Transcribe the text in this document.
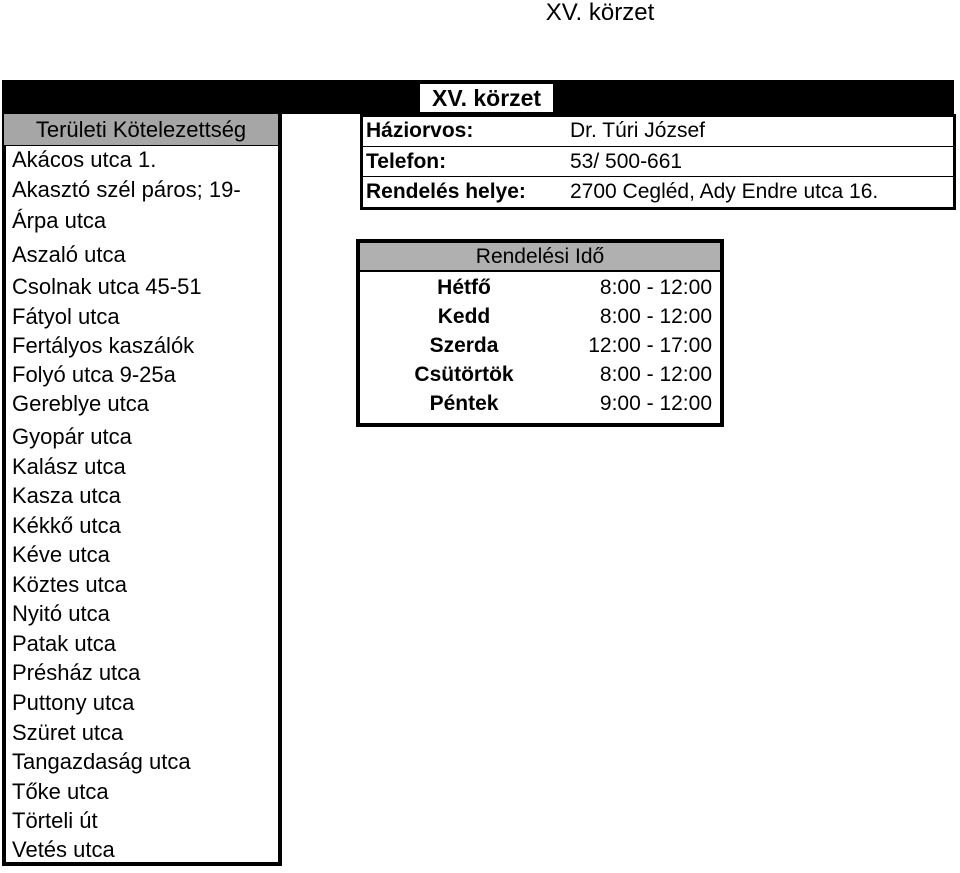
XV. körzet
XV. körzet
Területi Kötelezettség
Akácos utca 1.
Akasztó szél páros; 19-
Árpa utca
Aszaló utca
Csolnak utca 45-51
Fátyol utca
Fertályos kaszálók
Folyó utca 9-25a
Gereblye utca
Gyopár utca
Kalász utca
Kasza utca
Kékkő utca
Kéve utca
Köztes utca
Nyitó utca
Patak utca
Présház utca
Puttony utca
Szüret utca
Tangazdaság utca
Tőke utca
Törteli út
Vetés utca
Háziorvos:	Dr. Túri József
Telefon:	53/ 500-661
Rendelés helye: 2700 Cegléd, Ady Endre utca 16.
Rendelési Idő
Hétfő	8:00 - 12:00
Kedd	8:00 - 12:00
Szerda	12:00 - 17:00
Csütörtök	8:00 - 12:00
Péntek	9:00 - 12:00
